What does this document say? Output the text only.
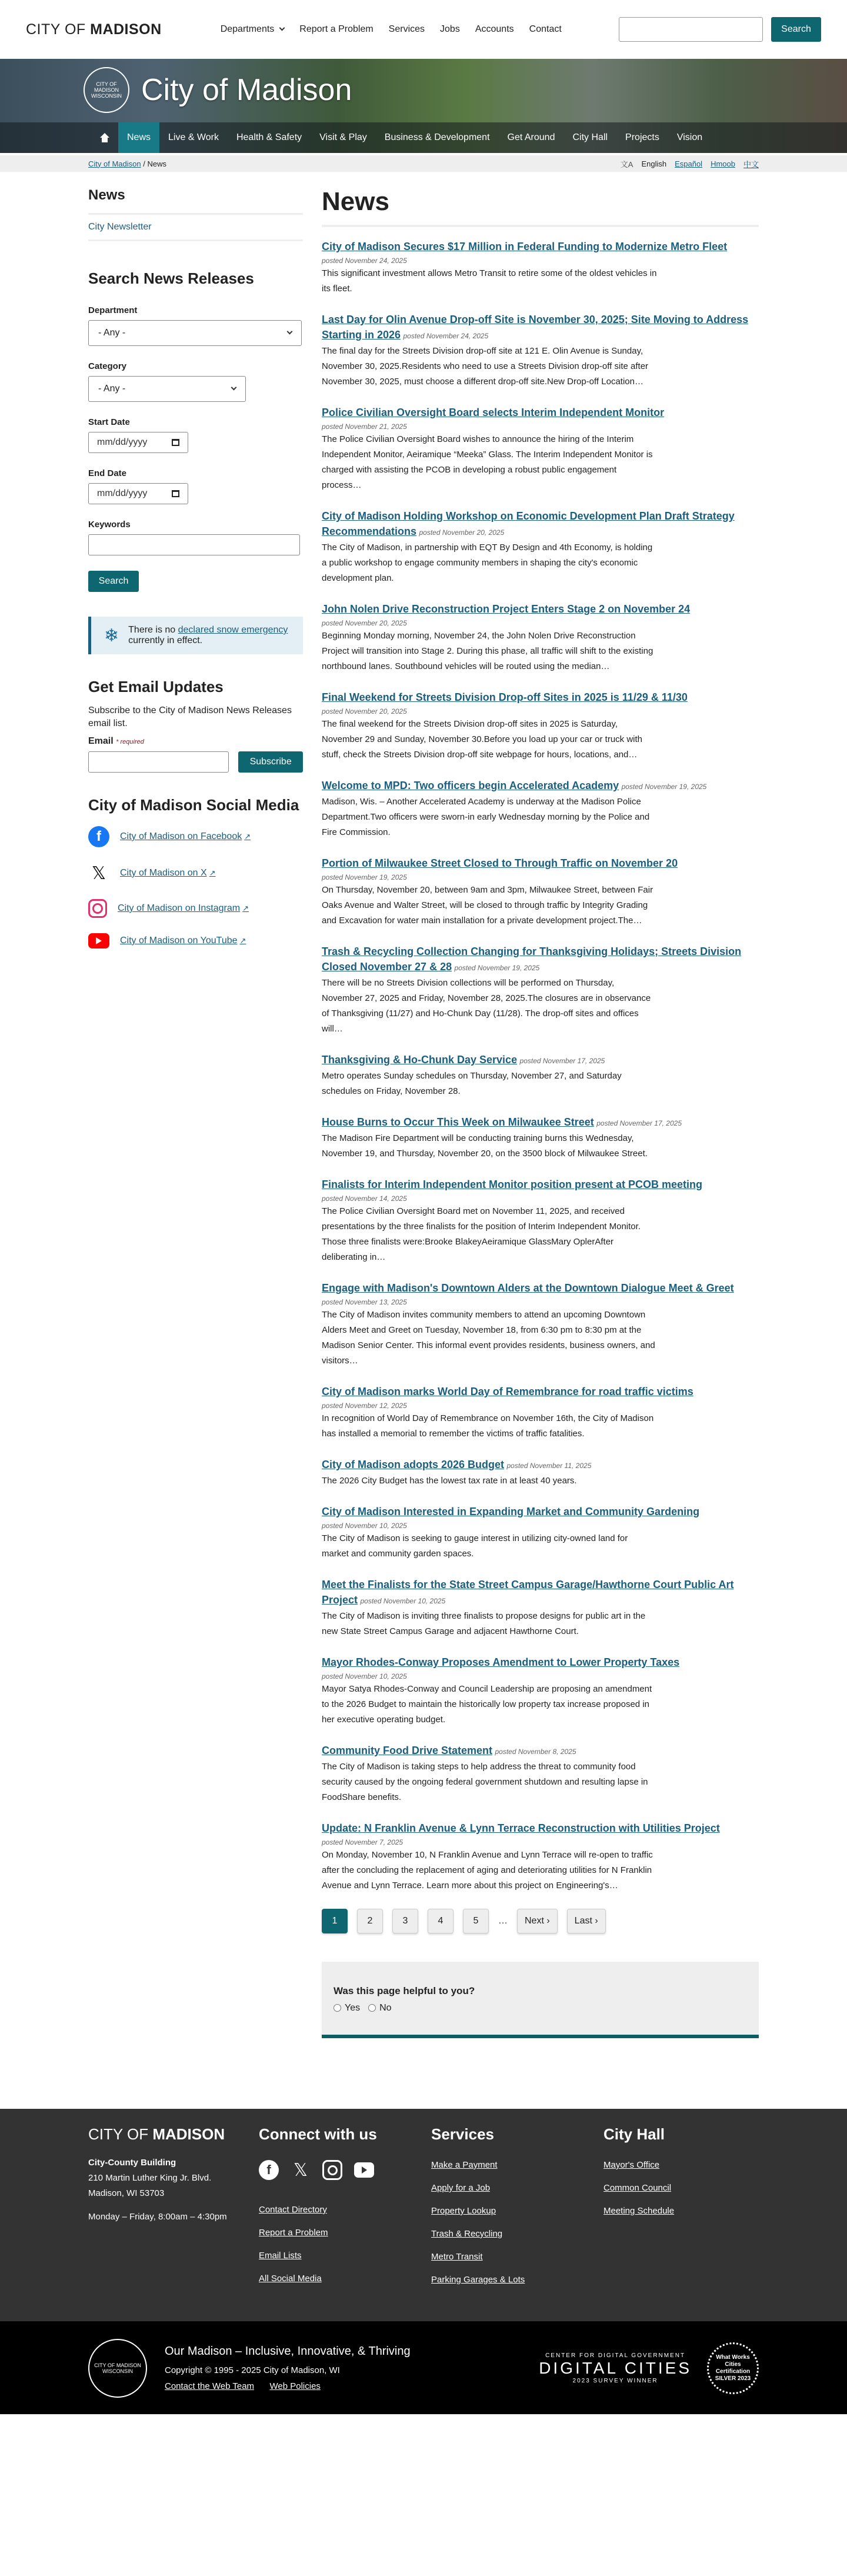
CITY OF MADISON	Departments	Report a Problem Services Jobs Accounts Contact	Search
CITY OF MADISON WISCONSIN City of Madison
News	Live & Work	Health & Safety	Visit & Play	Business & Development	Get Around	City Hall	Projects	Vision
City of Madison / News	文A English Español Hmoob 中文
News
City Newsletter
Search News Releases
Department
- Any -
Category
- Any -
Start Date
mm/dd/yyyy
End Date
mm/dd/yyyy
Keywords
Search
❄ There is no declared snow emergency currently in effect.
Get Email Updates

Subscribe to the City of Madison News Releases email list.

Email * required
Subscribe
City of Madison Social Media
f	City of Madison on Facebook ↗
𝕏	City of Madison on X ↗
City of Madison on Instagram ↗
City of Madison on YouTube ↗
News
City of Madison Secures $17 Million in Federal Funding to Modernize Metro Fleet
posted November 24, 2025
This significant investment allows Metro Transit to retire some of the oldest vehicles in its fleet.
Last Day for Olin Avenue Drop-off Site is November 30, 2025; Site Moving to Address Starting in 2026 posted November 24, 2025
The final day for the Streets Division drop-off site at 121 E. Olin Avenue is Sunday, November 30, 2025.Residents who need to use a Streets Division drop-off site after November 30, 2025, must choose a different drop-off site.New Drop-off Location…
Police Civilian Oversight Board selects Interim Independent Monitor
posted November 21, 2025
The Police Civilian Oversight Board wishes to announce the hiring of the Interim Independent Monitor, Aeiramique “Meeka” Glass. The Interim Independent Monitor is charged with assisting the PCOB in developing a robust public engagement process…
City of Madison Holding Workshop on Economic Development Plan Draft Strategy Recommendations posted November 20, 2025
The City of Madison, in partnership with EQT By Design and 4th Economy, is holding a public workshop to engage community members in shaping the city's economic development plan.
John Nolen Drive Reconstruction Project Enters Stage 2 on November 24
posted November 20, 2025
Beginning Monday morning, November 24, the John Nolen Drive Reconstruction Project will transition into Stage 2. During this phase, all traffic will shift to the existing northbound lanes. Southbound vehicles will be routed using the median…
Final Weekend for Streets Division Drop-off Sites in 2025 is 11/29 & 11/30
posted November 20, 2025
The final weekend for the Streets Division drop-off sites in 2025 is Saturday, November 29 and Sunday, November 30.Before you load up your car or truck with stuff, check the Streets Division drop-off site webpage for hours, locations, and…
Welcome to MPD: Two officers begin Accelerated Academy posted November 19, 2025
Madison, Wis. – Another Accelerated Academy is underway at the Madison Police Department.Two officers were sworn-in early Wednesday morning by the Police and Fire Commission.
Portion of Milwaukee Street Closed to Through Traffic on November 20
posted November 19, 2025
On Thursday, November 20, between 9am and 3pm, Milwaukee Street, between Fair Oaks Avenue and Walter Street, will be closed to through traffic by Integrity Grading and Excavation for water main installation for a private development project.The…
Trash & Recycling Collection Changing for Thanksgiving Holidays; Streets Division Closed November 27 & 28 posted November 19, 2025
There will be no Streets Division collections will be performed on Thursday, November 27, 2025 and Friday, November 28, 2025.The closures are in observance of Thanksgiving (11/27) and Ho-Chunk Day (11/28). The drop-off sites and offices will…
Thanksgiving & Ho-Chunk Day Service posted November 17, 2025
Metro operates Sunday schedules on Thursday, November 27, and Saturday schedules on Friday, November 28.
House Burns to Occur This Week on Milwaukee Street posted November 17, 2025
The Madison Fire Department will be conducting training burns this Wednesday, November 19, and Thursday, November 20, on the 3500 block of Milwaukee Street.
Finalists for Interim Independent Monitor position present at PCOB meeting
posted November 14, 2025
The Police Civilian Oversight Board met on November 11, 2025, and received presentations by the three finalists for the position of Interim Independent Monitor. Those three finalists were:Brooke BlakeyAeiramique GlassMary OplerAfter deliberating in…
Engage with Madison's Downtown Alders at the Downtown Dialogue Meet & Greet
posted November 13, 2025
The City of Madison invites community members to attend an upcoming Downtown Alders Meet and Greet on Tuesday, November 18, from 6:30 pm to 8:30 pm at the Madison Senior Center. This informal event provides residents, business owners, and visitors…
City of Madison marks World Day of Remembrance for road traffic victims
posted November 12, 2025
In recognition of World Day of Remembrance on November 16th, the City of Madison has installed a memorial to remember the victims of traffic fatalities.
City of Madison adopts 2026 Budget posted November 11, 2025
The 2026 City Budget has the lowest tax rate in at least 40 years.
City of Madison Interested in Expanding Market and Community Gardening
posted November 10, 2025
The City of Madison is seeking to gauge interest in utilizing city-owned land for market and community garden spaces.
Meet the Finalists for the State Street Campus Garage/Hawthorne Court Public Art Project posted November 10, 2025
The City of Madison is inviting three finalists to propose designs for public art in the new State Street Campus Garage and adjacent Hawthorne Court.
Mayor Rhodes-Conway Proposes Amendment to Lower Property Taxes
posted November 10, 2025
Mayor Satya Rhodes-Conway and Council Leadership are proposing an amendment to the 2026 Budget to maintain the historically low property tax increase proposed in her executive operating budget.
Community Food Drive Statement posted November 8, 2025
The City of Madison is taking steps to help address the threat to community food security caused by the ongoing federal government shutdown and resulting lapse in FoodShare benefits.
Update: N Franklin Avenue & Lynn Terrace Reconstruction with Utilities Project
posted November 7, 2025
On Monday, November 10, N Franklin Avenue and Lynn Terrace will re-open to traffic after the concluding the replacement of aging and deteriorating utilities for N Franklin Avenue and Lynn Terrace. Learn more about this project on Engineering's…
1	2	3	4	5	…	Next ›	Last ›
Was this page helpful to you?
Yes	No
CITY OF MADISON
City-County Building
210 Martin Luther King Jr. Blvd.
Madison, WI 53703
Monday – Friday, 8:00am – 4:30pm
Connect with us
f	𝕏
Contact Directory
Report a Problem
Email Lists
All Social Media
Services
Make a Payment
Apply for a Job
Property Lookup
Trash & Recycling
Metro Transit
Parking Garages & Lots
City Hall
Mayor's Office
Common Council
Meeting Schedule
CITY OF MADISON WISCONSIN
Our Madison – Inclusive, Innovative, & Thriving
Copyright © 1995 - 2025 City of Madison, WI
Contact the Web Team Web Policies
CENTER FOR DIGITAL GOVERNMENT
DIGITAL CITIES
2023 SURVEY WINNER
What Works Cities Certification SILVER 2023
